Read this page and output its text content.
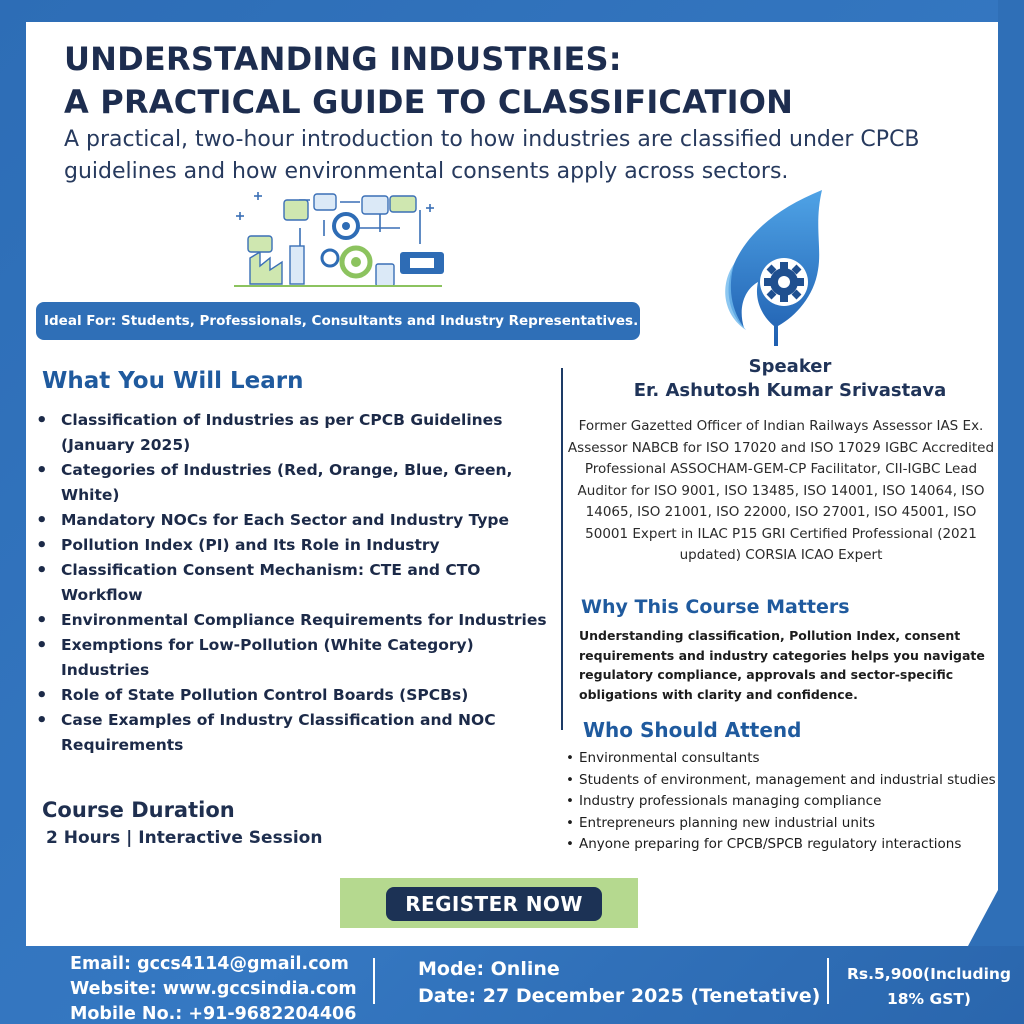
UNDERSTANDING INDUSTRIES:
A PRACTICAL GUIDE TO CLASSIFICATION

A practical, two-hour introduction to how industries are classified under CPCB guidelines and how environmental consents apply across sectors.

Ideal For: Students, Professionals, Consultants and Industry Representatives.
What You Will Learn
• Classification of Industries as per CPCB Guidelines (January 2025)
• Categories of Industries (Red, Orange, Blue, Green, White)
• Mandatory NOCs for Each Sector and Industry Type
• Pollution Index (PI) and Its Role in Industry
• Classification Consent Mechanism: CTE and CTO Workflow
• Environmental Compliance Requirements for Industries
• Exemptions for Low-Pollution (White Category) Industries
• Role of State Pollution Control Boards (SPCBs)
• Case Examples of Industry Classification and NOC Requirements
Course Duration
2 Hours | Interactive Session
Speaker
Er. Ashutosh Kumar Srivastava

Former Gazetted Officer of Indian Railways Assessor IAS Ex. Assessor NABCB for ISO 17020 and ISO 17029 IGBC Accredited Professional ASSOCHAM-GEM-CP Facilitator, CII-IGBC Lead Auditor for ISO 9001, ISO 13485, ISO 14001, ISO 14064, ISO 14065, ISO 21001, ISO 22000, ISO 27001, ISO 45001, ISO 50001 Expert in ILAC P15 GRI Certified Professional (2021 updated) CORSIA ICAO Expert

Why This Course Matters

Understanding classification, Pollution Index, consent requirements and industry categories helps you navigate regulatory compliance, approvals and sector-specific obligations with clarity and confidence.

Who Should Attend
• Environmental consultants
• Students of environment, management and industrial studies
• Industry professionals managing compliance
• Entrepreneurs planning new industrial units
• Anyone preparing for CPCB/SPCB regulatory interactions
REGISTER NOW
Email: gccs4114@gmail.com
Website: www.gccsindia.com
Mobile No.: +91-9682204406
Mode: Online
Date: 27 December 2025 (Tenetative)
Rs.5,900(Including
18% GST)
